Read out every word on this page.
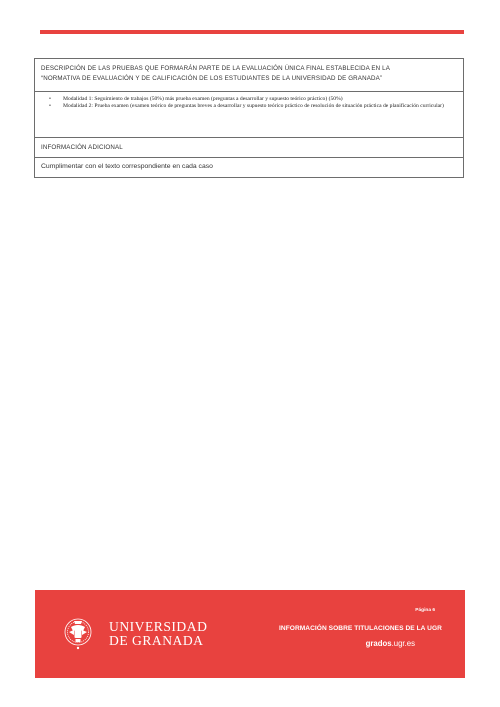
DESCRIPCIÓN DE LAS PRUEBAS QUE FORMARÁN PARTE DE LA EVALUACIÓN ÚNICA FINAL ESTABLECIDA EN LA
“NORMATIVA DE EVALUACIÓN Y DE CALIFICACIÓN DE LOS ESTUDIANTES DE LA UNIVERSIDAD DE GRANADA”
• Modalidad 1: Seguimiento de trabajos (50%) más prueba examen (preguntas a desarrollar y supuesto teórico práctico) (50%)
• Modalidad 2: Prueba examen (examen teórico de preguntas breves a desarrollar y supuesto teórico práctico de resolución de situación práctica de planificación curricular)
INFORMACIÓN ADICIONAL
Cumplimentar con el texto correspondiente en cada caso
Página 6
UNIVERSIDAD
DE GRANADA
INFORMACIÓN SOBRE TITULACIONES DE LA UGR
grados.ugr.es
